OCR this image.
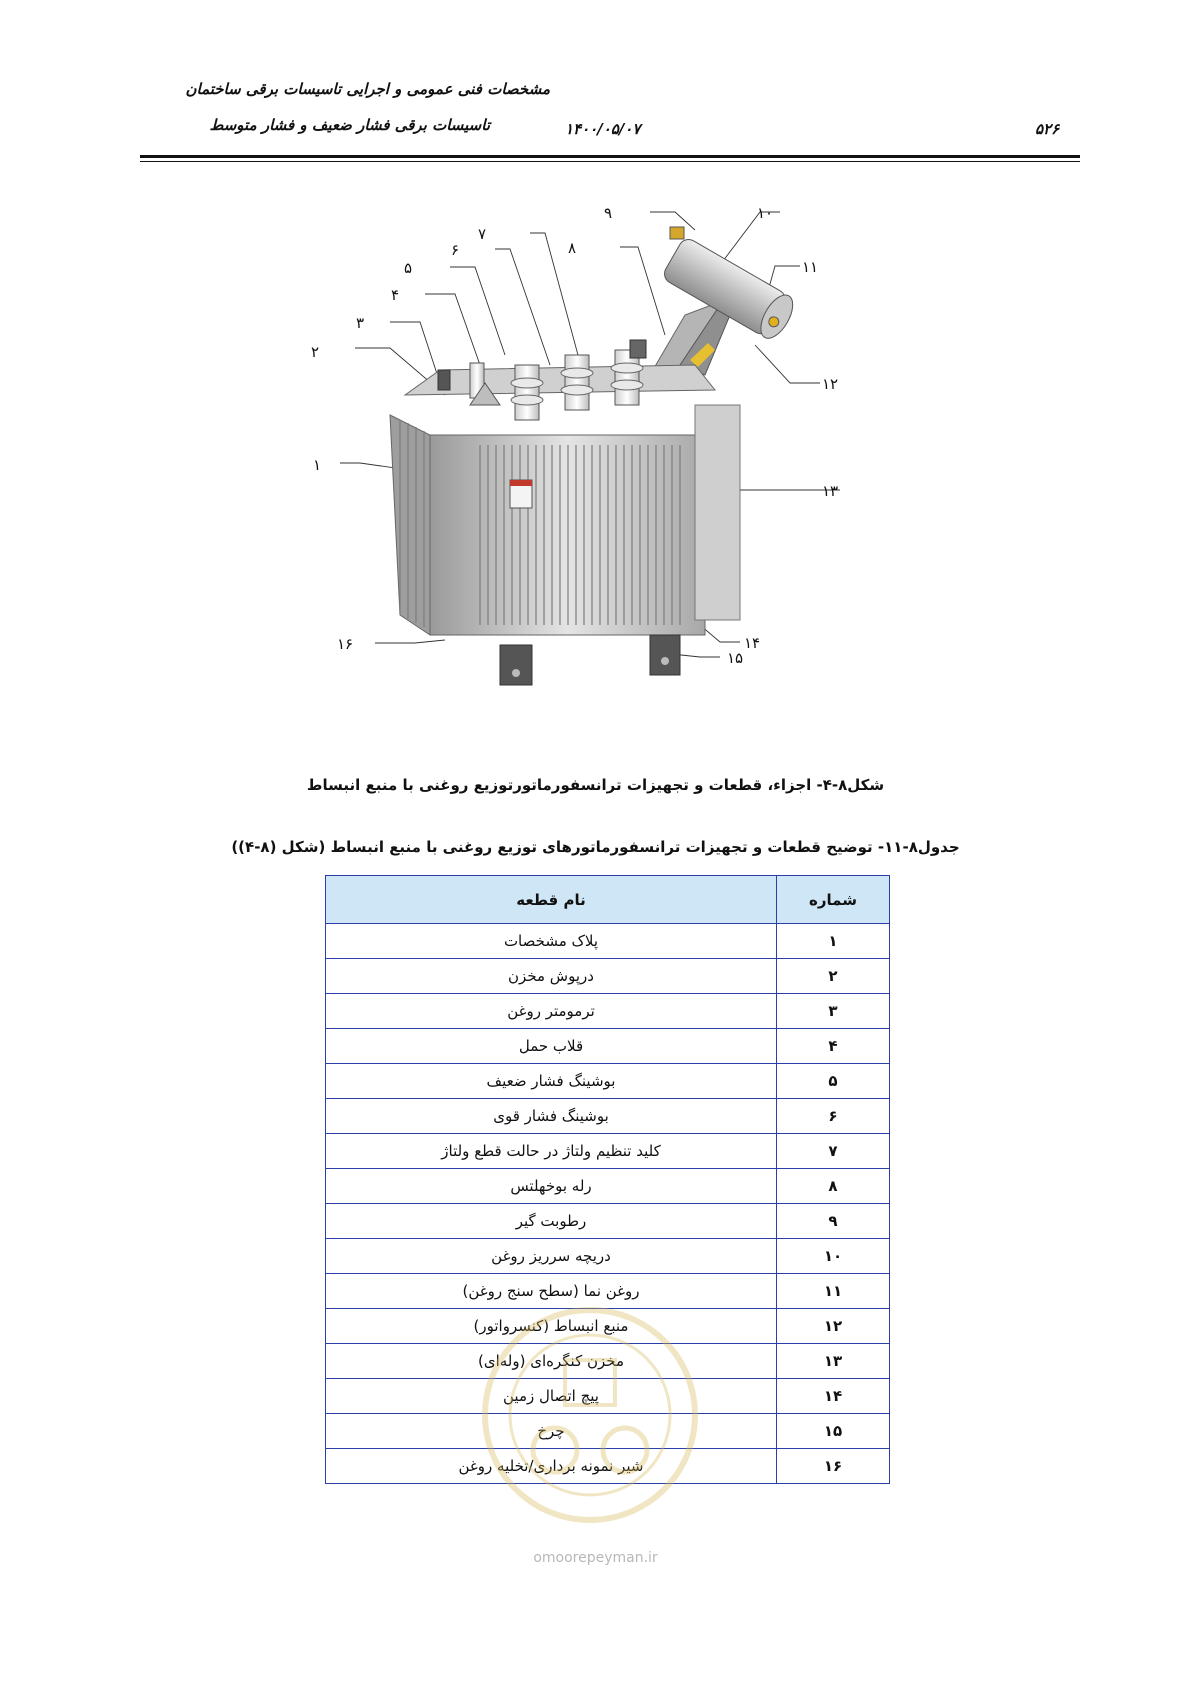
مشخصات فنی عمومی و اجرایی تاسیسات برقی ساختمان
تاسیسات برقی فشار ضعیف و فشار متوسط	۱۴۰۰/۰۵/۰۷	۵۲۶
۱
۲
۳
۴
۵
۶
۷
۸
۹	۱۰
۱۱
۱۲
۱۳
۱۴
۱۵
۱۶
شکل۸-۴- اجزاء، قطعات و تجهیزات ترانسفورماتورتوزیع روغنی با منبع انبساط
جدول۸-۱۱- توضیح قطعات و تجهیزات ترانسفورماتورهای توزیع روغنی با منبع انبساط (شکل (۸-۴))
شماره	نام قطعه
۱	پلاک مشخصات
۲	درپوش مخزن
۳	ترمومتر روغن
۴	قلاب حمل
۵	بوشینگ فشار ضعیف
۶	بوشینگ فشار قوی
۷	کلید تنظیم ولتاژ در حالت قطع ولتاژ
۸	رله بوخهلتس
۹	رطوبت گیر
۱۰	دریچه سرریز روغن
۱۱	روغن نما (سطح سنج روغن)
۱۲	منبع انبساط (کنسرواتور)
۱۳	مخزن کنگره‌ای (وله‌ای)
۱۴	پیچ اتصال زمین
۱۵	چرخ
۱۶	شیر نمونه برداری/تخلیه روغن
omoorepeyman.ir
